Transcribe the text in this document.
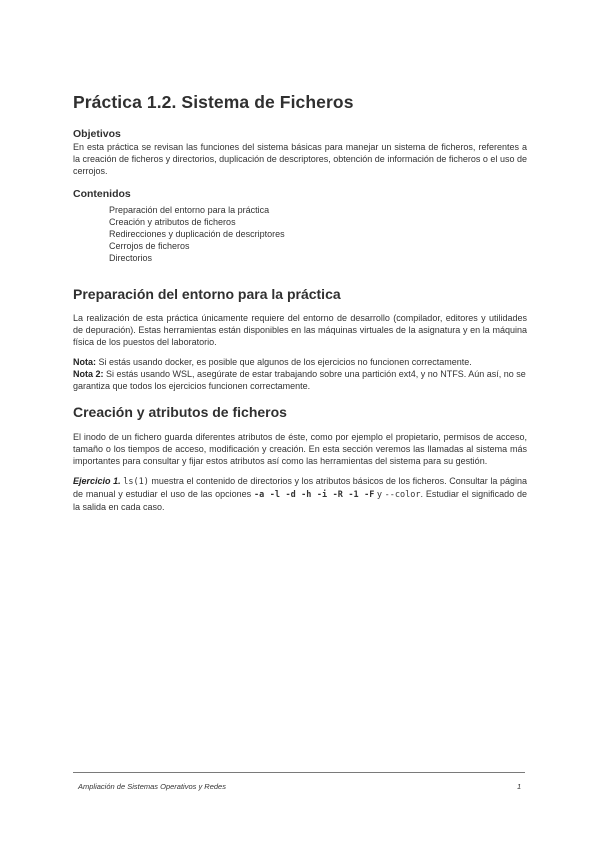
Práctica 1.2. Sistema de Ficheros
Objetivos

En esta práctica se revisan las funciones del sistema básicas para manejar un sistema de ficheros, referentes a la creación de ficheros y directorios, duplicación de descriptores, obtención de información de ficheros o el uso de cerrojos.

Contenidos
Preparación del entorno para la práctica
Creación y atributos de ficheros
Redirecciones y duplicación de descriptores
Cerrojos de ficheros
Directorios
Preparación del entorno para la práctica

La realización de esta práctica únicamente requiere del entorno de desarrollo (compilador, editores y utilidades de depuración). Estas herramientas están disponibles en las máquinas virtuales de la asignatura y en la máquina física de los puestos del laboratorio.

Nota: Si estás usando docker, es posible que algunos de los ejercicios no funcionen correctamente.

Nota 2: Si estás usando WSL, asegúrate de estar trabajando sobre una partición ext4, y no NTFS. Aún así, no se garantiza que todos los ejercicios funcionen correctamente.

Creación y atributos de ficheros

El inodo de un fichero guarda diferentes atributos de éste, como por ejemplo el propietario, permisos de acceso, tamaño o los tiempos de acceso, modificación y creación. En esta sección veremos las llamadas al sistema más importantes para consultar y fijar estos atributos así como las herramientas del sistema para su gestión.

Ejercicio 1. ls(1) muestra el contenido de directorios y los atributos básicos de los ficheros. Consultar la página de manual y estudiar el uso de las opciones -a -l -d -h -i -R -1 -F y --color. Estudiar el significado de la salida en cada caso.

Ampliación de Sistemas Operativos y Redes	1
